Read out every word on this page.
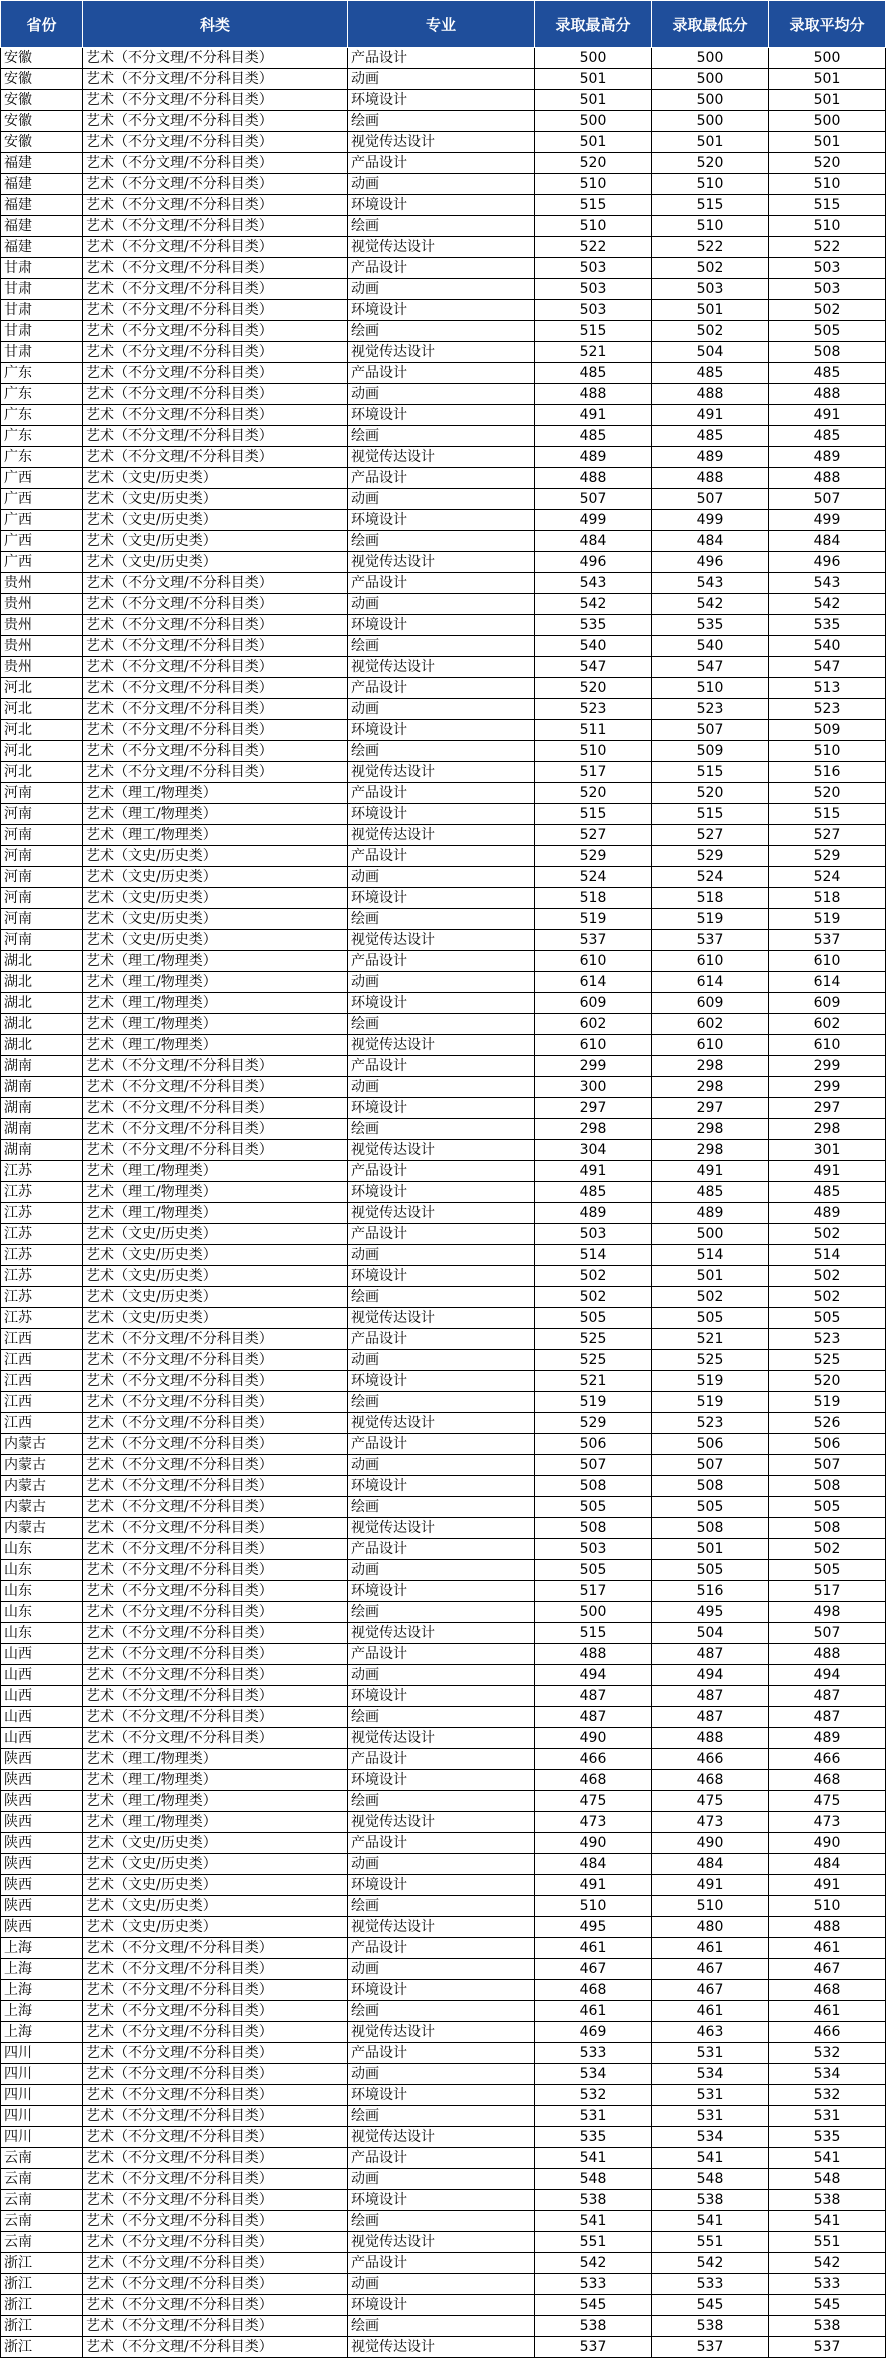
省份	科类	专业	录取最高分	录取最低分	录取平均分
安徽	艺术（不分文理/不分科目类）	产品设计	500	500	500
安徽	艺术（不分文理/不分科目类）	动画	501	500	501
安徽	艺术（不分文理/不分科目类）	环境设计	501	500	501
安徽	艺术（不分文理/不分科目类）	绘画	500	500	500
安徽	艺术（不分文理/不分科目类）	视觉传达设计	501	501	501
福建	艺术（不分文理/不分科目类）	产品设计	520	520	520
福建	艺术（不分文理/不分科目类）	动画	510	510	510
福建	艺术（不分文理/不分科目类）	环境设计	515	515	515
福建	艺术（不分文理/不分科目类）	绘画	510	510	510
福建	艺术（不分文理/不分科目类）	视觉传达设计	522	522	522
甘肃	艺术（不分文理/不分科目类）	产品设计	503	502	503
甘肃	艺术（不分文理/不分科目类）	动画	503	503	503
甘肃	艺术（不分文理/不分科目类）	环境设计	503	501	502
甘肃	艺术（不分文理/不分科目类）	绘画	515	502	505
甘肃	艺术（不分文理/不分科目类）	视觉传达设计	521	504	508
广东	艺术（不分文理/不分科目类）	产品设计	485	485	485
广东	艺术（不分文理/不分科目类）	动画	488	488	488
广东	艺术（不分文理/不分科目类）	环境设计	491	491	491
广东	艺术（不分文理/不分科目类）	绘画	485	485	485
广东	艺术（不分文理/不分科目类）	视觉传达设计	489	489	489
广西	艺术（文史/历史类）	产品设计	488	488	488
广西	艺术（文史/历史类）	动画	507	507	507
广西	艺术（文史/历史类）	环境设计	499	499	499
广西	艺术（文史/历史类）	绘画	484	484	484
广西	艺术（文史/历史类）	视觉传达设计	496	496	496
贵州	艺术（不分文理/不分科目类）	产品设计	543	543	543
贵州	艺术（不分文理/不分科目类）	动画	542	542	542
贵州	艺术（不分文理/不分科目类）	环境设计	535	535	535
贵州	艺术（不分文理/不分科目类）	绘画	540	540	540
贵州	艺术（不分文理/不分科目类）	视觉传达设计	547	547	547
河北	艺术（不分文理/不分科目类）	产品设计	520	510	513
河北	艺术（不分文理/不分科目类）	动画	523	523	523
河北	艺术（不分文理/不分科目类）	环境设计	511	507	509
河北	艺术（不分文理/不分科目类）	绘画	510	509	510
河北	艺术（不分文理/不分科目类）	视觉传达设计	517	515	516
河南	艺术（理工/物理类）	产品设计	520	520	520
河南	艺术（理工/物理类）	环境设计	515	515	515
河南	艺术（理工/物理类）	视觉传达设计	527	527	527
河南	艺术（文史/历史类）	产品设计	529	529	529
河南	艺术（文史/历史类）	动画	524	524	524
河南	艺术（文史/历史类）	环境设计	518	518	518
河南	艺术（文史/历史类）	绘画	519	519	519
河南	艺术（文史/历史类）	视觉传达设计	537	537	537
湖北	艺术（理工/物理类）	产品设计	610	610	610
湖北	艺术（理工/物理类）	动画	614	614	614
湖北	艺术（理工/物理类）	环境设计	609	609	609
湖北	艺术（理工/物理类）	绘画	602	602	602
湖北	艺术（理工/物理类）	视觉传达设计	610	610	610
湖南	艺术（不分文理/不分科目类）	产品设计	299	298	299
湖南	艺术（不分文理/不分科目类）	动画	300	298	299
湖南	艺术（不分文理/不分科目类）	环境设计	297	297	297
湖南	艺术（不分文理/不分科目类）	绘画	298	298	298
湖南	艺术（不分文理/不分科目类）	视觉传达设计	304	298	301
江苏	艺术（理工/物理类）	产品设计	491	491	491
江苏	艺术（理工/物理类）	环境设计	485	485	485
江苏	艺术（理工/物理类）	视觉传达设计	489	489	489
江苏	艺术（文史/历史类）	产品设计	503	500	502
江苏	艺术（文史/历史类）	动画	514	514	514
江苏	艺术（文史/历史类）	环境设计	502	501	502
江苏	艺术（文史/历史类）	绘画	502	502	502
江苏	艺术（文史/历史类）	视觉传达设计	505	505	505
江西	艺术（不分文理/不分科目类）	产品设计	525	521	523
江西	艺术（不分文理/不分科目类）	动画	525	525	525
江西	艺术（不分文理/不分科目类）	环境设计	521	519	520
江西	艺术（不分文理/不分科目类）	绘画	519	519	519
江西	艺术（不分文理/不分科目类）	视觉传达设计	529	523	526
内蒙古	艺术（不分文理/不分科目类）	产品设计	506	506	506
内蒙古	艺术（不分文理/不分科目类）	动画	507	507	507
内蒙古	艺术（不分文理/不分科目类）	环境设计	508	508	508
内蒙古	艺术（不分文理/不分科目类）	绘画	505	505	505
内蒙古	艺术（不分文理/不分科目类）	视觉传达设计	508	508	508
山东	艺术（不分文理/不分科目类）	产品设计	503	501	502
山东	艺术（不分文理/不分科目类）	动画	505	505	505
山东	艺术（不分文理/不分科目类）	环境设计	517	516	517
山东	艺术（不分文理/不分科目类）	绘画	500	495	498
山东	艺术（不分文理/不分科目类）	视觉传达设计	515	504	507
山西	艺术（不分文理/不分科目类）	产品设计	488	487	488
山西	艺术（不分文理/不分科目类）	动画	494	494	494
山西	艺术（不分文理/不分科目类）	环境设计	487	487	487
山西	艺术（不分文理/不分科目类）	绘画	487	487	487
山西	艺术（不分文理/不分科目类）	视觉传达设计	490	488	489
陕西	艺术（理工/物理类）	产品设计	466	466	466
陕西	艺术（理工/物理类）	环境设计	468	468	468
陕西	艺术（理工/物理类）	绘画	475	475	475
陕西	艺术（理工/物理类）	视觉传达设计	473	473	473
陕西	艺术（文史/历史类）	产品设计	490	490	490
陕西	艺术（文史/历史类）	动画	484	484	484
陕西	艺术（文史/历史类）	环境设计	491	491	491
陕西	艺术（文史/历史类）	绘画	510	510	510
陕西	艺术（文史/历史类）	视觉传达设计	495	480	488
上海	艺术（不分文理/不分科目类）	产品设计	461	461	461
上海	艺术（不分文理/不分科目类）	动画	467	467	467
上海	艺术（不分文理/不分科目类）	环境设计	468	467	468
上海	艺术（不分文理/不分科目类）	绘画	461	461	461
上海	艺术（不分文理/不分科目类）	视觉传达设计	469	463	466
四川	艺术（不分文理/不分科目类）	产品设计	533	531	532
四川	艺术（不分文理/不分科目类）	动画	534	534	534
四川	艺术（不分文理/不分科目类）	环境设计	532	531	532
四川	艺术（不分文理/不分科目类）	绘画	531	531	531
四川	艺术（不分文理/不分科目类）	视觉传达设计	535	534	535
云南	艺术（不分文理/不分科目类）	产品设计	541	541	541
云南	艺术（不分文理/不分科目类）	动画	548	548	548
云南	艺术（不分文理/不分科目类）	环境设计	538	538	538
云南	艺术（不分文理/不分科目类）	绘画	541	541	541
云南	艺术（不分文理/不分科目类）	视觉传达设计	551	551	551
浙江	艺术（不分文理/不分科目类）	产品设计	542	542	542
浙江	艺术（不分文理/不分科目类）	动画	533	533	533
浙江	艺术（不分文理/不分科目类）	环境设计	545	545	545
浙江	艺术（不分文理/不分科目类）	绘画	538	538	538
浙江	艺术（不分文理/不分科目类）	视觉传达设计	537	537	537
